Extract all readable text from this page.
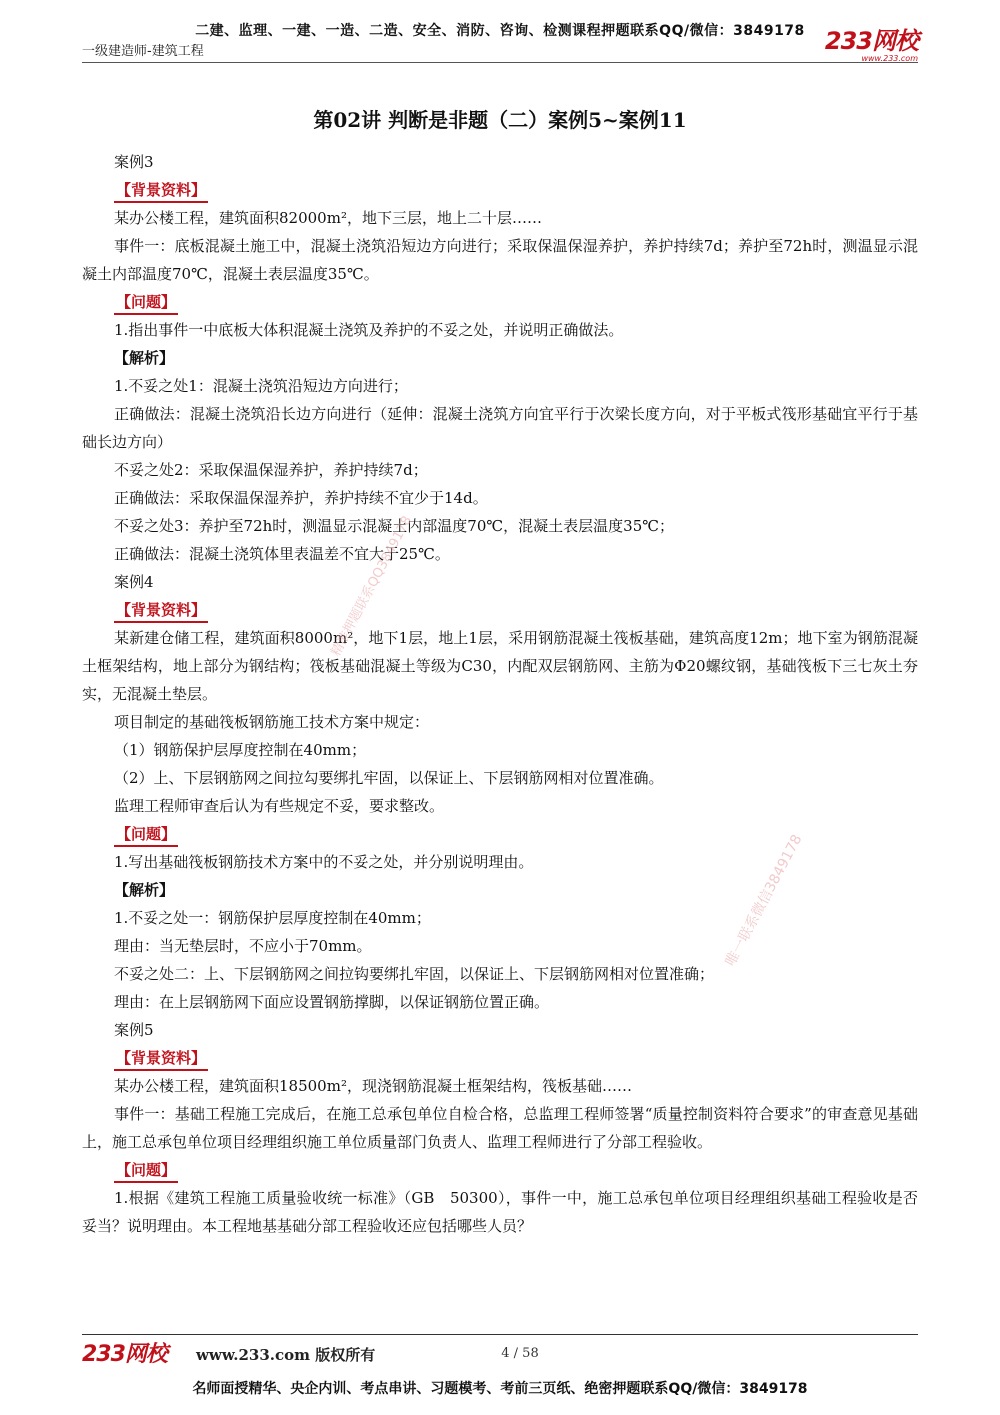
二建、监理、一建、一造、二造、安全、消防、咨询、检测课程押题联系QQ/微信：3849178
一级建造师-建筑工程	233网校
www.233.com
第02讲 判断是非题（二）案例5~案例11

案例3

【背景资料】

某办公楼工程，建筑面积82000m²，地下三层，地上二十层……

事件一：底板混凝土施工中，混凝土浇筑沿短边方向进行；采取保温保湿养护，养护持续7d；养护至72h时，测温显示混凝土内部温度70℃，混凝土表层温度35℃。

【问题】

1.指出事件一中底板大体积混凝土浇筑及养护的不妥之处，并说明正确做法。

【解析】

1.不妥之处1：混凝土浇筑沿短边方向进行；

正确做法：混凝土浇筑沿长边方向进行（延伸：混凝土浇筑方向宜平行于次梁长度方向，对于平板式筏形基础宜平行于基础长边方向）

不妥之处2：采取保温保湿养护，养护持续7d；

正确做法：采取保温保湿养护，养护持续不宜少于14d。

不妥之处3：养护至72h时，测温显示混凝土内部温度70℃，混凝土表层温度35℃；

正确做法：混凝土浇筑体里表温差不宜大于25℃。

案例4

【背景资料】

某新建仓储工程，建筑面积8000m²，地下1层，地上1层，采用钢筋混凝土筏板基础，建筑高度12m；地下室为钢筋混凝土框架结构，地上部分为钢结构；筏板基础混凝土等级为C30，内配双层钢筋网、主筋为Φ20螺纹钢，基础筏板下三七灰土夯实，无混凝土垫层。

项目制定的基础筏板钢筋施工技术方案中规定：

（1）钢筋保护层厚度控制在40mm；

（2）上、下层钢筋网之间拉勾要绑扎牢固，以保证上、下层钢筋网相对位置准确。

监理工程师审查后认为有些规定不妥，要求整改。

【问题】

1.写出基础筏板钢筋技术方案中的不妥之处，并分别说明理由。

【解析】

1.不妥之处一：钢筋保护层厚度控制在40mm；

理由：当无垫层时，不应小于70mm。

不妥之处二：上、下层钢筋网之间拉钩要绑扎牢固，以保证上、下层钢筋网相对位置准确；

理由：在上层钢筋网下面应设置钢筋撑脚，以保证钢筋位置正确。

案例5

【背景资料】

某办公楼工程，建筑面积18500m²，现浇钢筋混凝土框架结构，筏板基础……

事件一：基础工程施工完成后，在施工总承包单位自检合格，总监理工程师签署“质量控制资料符合要求”的审查意见基础上，施工总承包单位项目经理组织施工单位质量部门负责人、监理工程师进行了分部工程验收。

【问题】

1.根据《建筑工程施工质量验收统一标准》（GB　50300），事件一中，施工总承包单位项目经理组织基础工程验收是否妥当？说明理由。本工程地基基础分部工程验收还应包括哪些人员？

精准押题联系QQ3849178
唯一联系微信3849178
233网校 www.233.com 版权所有	4 / 58
名师面授精华、央企内训、考点串讲、习题模考、考前三页纸、绝密押题联系QQ/微信：3849178
